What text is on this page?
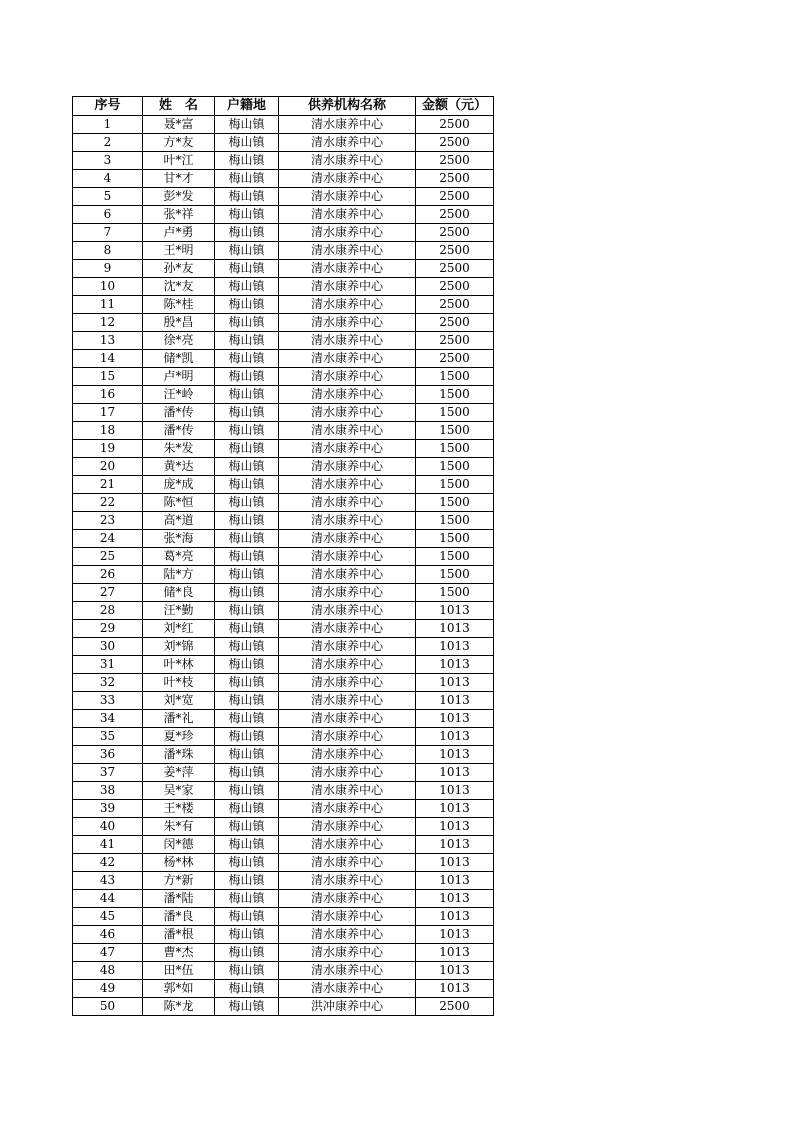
序号	姓　名	户籍地	供养机构名称	金额（元）
1	聂*富	梅山镇	清水康养中心	2500
2	方*友	梅山镇	清水康养中心	2500
3	叶*江	梅山镇	清水康养中心	2500
4	甘*才	梅山镇	清水康养中心	2500
5	彭*发	梅山镇	清水康养中心	2500
6	张*祥	梅山镇	清水康养中心	2500
7	卢*勇	梅山镇	清水康养中心	2500
8	王*明	梅山镇	清水康养中心	2500
9	孙*友	梅山镇	清水康养中心	2500
10	沈*友	梅山镇	清水康养中心	2500
11	陈*桂	梅山镇	清水康养中心	2500
12	殷*昌	梅山镇	清水康养中心	2500
13	徐*亮	梅山镇	清水康养中心	2500
14	储*凯	梅山镇	清水康养中心	2500
15	卢*明	梅山镇	清水康养中心	1500
16	汪*岭	梅山镇	清水康养中心	1500
17	潘*传	梅山镇	清水康养中心	1500
18	潘*传	梅山镇	清水康养中心	1500
19	朱*发	梅山镇	清水康养中心	1500
20	黄*达	梅山镇	清水康养中心	1500
21	庞*成	梅山镇	清水康养中心	1500
22	陈*恒	梅山镇	清水康养中心	1500
23	高*道	梅山镇	清水康养中心	1500
24	张*海	梅山镇	清水康养中心	1500
25	葛*亮	梅山镇	清水康养中心	1500
26	陆*方	梅山镇	清水康养中心	1500
27	储*良	梅山镇	清水康养中心	1500
28	汪*勤	梅山镇	清水康养中心	1013
29	刘*红	梅山镇	清水康养中心	1013
30	刘*锦	梅山镇	清水康养中心	1013
31	叶*林	梅山镇	清水康养中心	1013
32	叶*枝	梅山镇	清水康养中心	1013
33	刘*宽	梅山镇	清水康养中心	1013
34	潘*礼	梅山镇	清水康养中心	1013
35	夏*珍	梅山镇	清水康养中心	1013
36	潘*珠	梅山镇	清水康养中心	1013
37	姜*萍	梅山镇	清水康养中心	1013
38	吴*家	梅山镇	清水康养中心	1013
39	王*楼	梅山镇	清水康养中心	1013
40	朱*有	梅山镇	清水康养中心	1013
41	闵*德	梅山镇	清水康养中心	1013
42	杨*林	梅山镇	清水康养中心	1013
43	方*新	梅山镇	清水康养中心	1013
44	潘*陆	梅山镇	清水康养中心	1013
45	潘*良	梅山镇	清水康养中心	1013
46	潘*根	梅山镇	清水康养中心	1013
47	曹*杰	梅山镇	清水康养中心	1013
48	田*伍	梅山镇	清水康养中心	1013
49	郭*如	梅山镇	清水康养中心	1013
50	陈*龙	梅山镇	洪冲康养中心	2500
